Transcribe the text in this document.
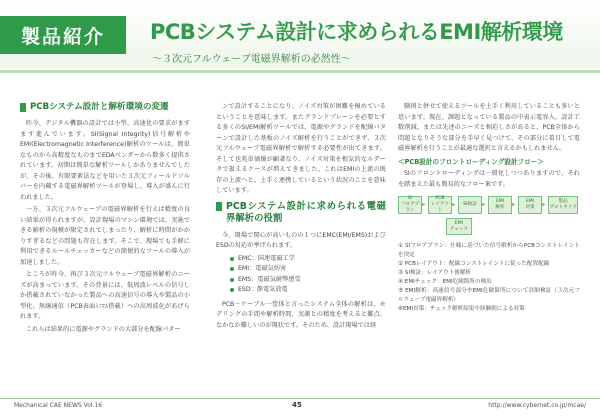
製品紹介	PCBシステム設計に求められるEMI解析環境
～３次元フルウェーブ電磁界解析の必然性～
PCBシステム設計と解析環境の変遷

昨今、デジタル機器の設計では小型、高速化の要求がますます進んでいます。SI(Signal Integrity)信号解析やEMI(Electromagnetic Interference)解析のツールは、簡単なものから高精度なものまでEDAベンダーから数多く提供されています。初期は簡単な解析ツールしかありませんでしたが、その後、有限要素法などを用いた３次元フィールドソルバーを内蔵する電磁界解析ツールが登場し、導入が盛んに行われました。

一方、３次元フルウェーブの電磁界解析を行えば精度の良い結果が得られますが、設計現場のマシン環境では、実施できる解析の規模が限定されてしまったり、解析に時間がかかりすぎるなどの問題も存在します。そこで、現場でも手軽に利用できるルールチェッカーなどの簡便的なツールの導入が加速しました。

ところが昨今、再び３次元フルウェーブ電磁界解析のニーズが高まっています。その背景には、低周波レベルの信号しか搭載されていなかった製品への高速信号の導入や製品の小型化、無線通信（PCB表面ﾐﾆﾏﾑ搭載）への高周波化があげられます。

これらは結果的に電源やグランドの大部分を配線パター

ンで設計することになり、ノイズ対策が困難を極めているということを意味します。またグランドプレーンを必要とする多くのSI/EMI解析ツールでは、電源やグランドを配線パターンで設計した基板のノイズ解析を行うことができず、３次元フルウェーブ電磁界解析で解析する必要性が出てきます。そして也兆単価優が顧著なり、ノイズ対策を根気的なルデータで扱えるケースが増えてきました。これはEMIの上流の既存の上流へと、上手く連携しているという状況のことを意味しています。

PCBシステム設計に求められる電磁界解析の役割

今、現場で関心が高いものの１つにEMC(EMI/EMS)およびESDの対応が挙げられます。

EMC：国連電磁工学
EMI：電磁気妨害
EMS：電磁気耐弊感受
ESD：静電気放電

PCB－ケーブル一筐体と言ったシステム全体の解析は、モデリングの手間や解析時間、実測との精度を考えると難点、なかなか難しいのが現状です。そのため、設計現場では経

験則と併せて使えるツールを上手く利用していることも多いと思います。現在、課題となっている製品の中表示電容入、設計工数削減、または先述のニーズと相応しさがあると、PCB全体から問題となりそうな部分を手早く見つけて、その部分に着目して電磁界解析を行うことが最適な選択と言えるかもしれません。

＜PCB設計のフロントローディング設計フロー＞

SIのフロントローディングは一般化しつつありますので、それを踏まえた最も簡易的なフロー案です。

SI
フロアプラン
▶
PCB
レイアウト
▶	SI検証 ▶	EMI
解析	▶	EMI
対策	▶	製品
プロトタイプ
EMI
チェック
① SIフロアプラン：仕様に基づいた信号解析からPCBコンストレイントを決定
② PCBレイアウト：配線コンストレイントに従った配置配線
③ SI検証：レイアウト後解析
④ EMIチェック：EMI危険箇所の検出
⑤ EMI解析：高速信号部分やEMI危険箇所について詳細検証（３次元フルウェーブ電磁界解析）
⑥EMI対策：チェック解析結果や経験則による対策
Mechanical CAE NEWS Vol.16	45	http://www.cybernet.co.jp/mcae/
